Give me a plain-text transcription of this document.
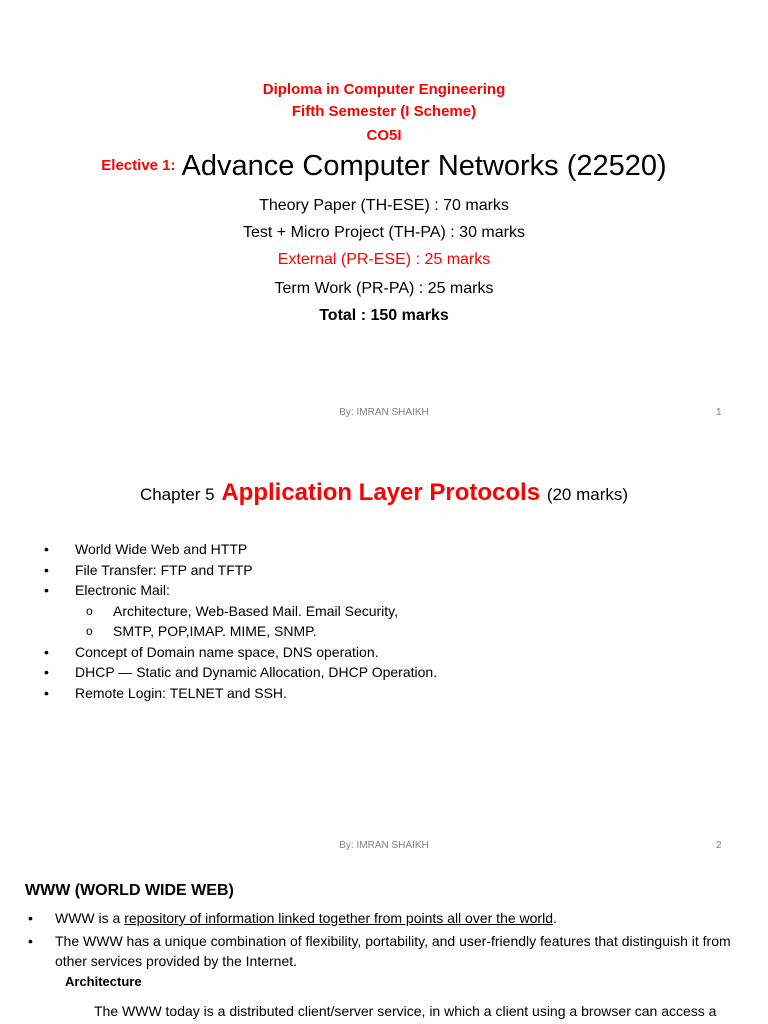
Diploma in Computer Engineering
Fifth Semester (I Scheme)
CO5I
Elective 1: Advance Computer Networks (22520)
Theory Paper (TH-ESE) : 70 marks
Test + Micro Project (TH-PA) : 30 marks
External (PR-ESE) : 25 marks
Term Work (PR-PA) : 25 marks
Total : 150 marks
By: IMRAN SHAIKH	1
Chapter 5 Application Layer Protocols (20 marks)
•	World Wide Web and HTTP
•	File Transfer: FTP and TFTP
•	Electronic Mail:
o Architecture, Web-Based Mail. Email Security,
o SMTP, POP,IMAP. MIME, SNMP.
•	Concept of Domain name space, DNS operation.
•	DHCP — Static and Dynamic Allocation, DHCP Operation.
•	Remote Login: TELNET and SSH.
By: IMRAN SHAIKH	2
WWW (WORLD WIDE WEB)
• WWW is a repository of information linked together from points all over the world.
• The WWW has a unique combination of flexibility, portability, and user-friendly features that distinguish it from other services provided by the Internet.
Architecture
The WWW today is a distributed client/server service, in which a client using a browser can access a
